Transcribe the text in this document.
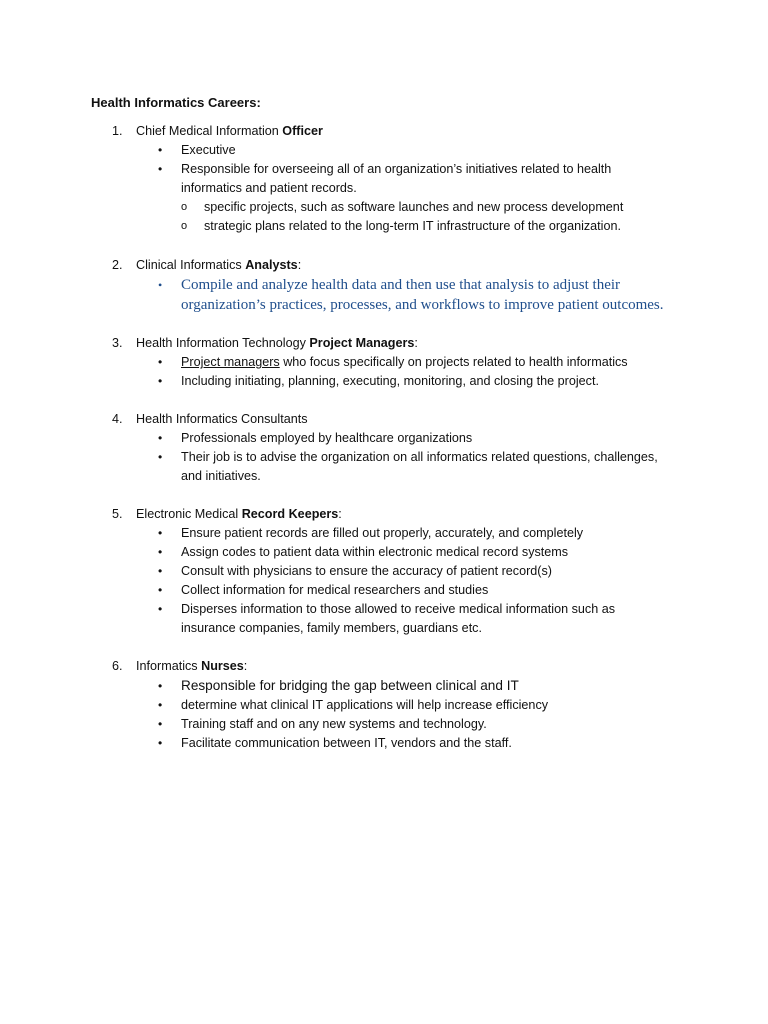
Health Informatics Careers:
1.	Chief Medical Information Officer
• Executive
• Responsible for overseeing all of an organization’s initiatives related to health informatics and patient records.
o specific projects, such as software launches and new process development
o strategic plans related to the long-term IT infrastructure of the organization.
2.	Clinical Informatics Analysts:
• Compile and analyze health data and then use that analysis to adjust their organization’s practices, processes, and workflows to improve patient outcomes.
3.	Health Information Technology Project Managers:
• Project managers who focus specifically on projects related to health informatics
• Including initiating, planning, executing, monitoring, and closing the project.
4.	Health Informatics Consultants
• Professionals employed by healthcare organizations
• Their job is to advise the organization on all informatics related questions, challenges, and initiatives.
5.	Electronic Medical Record Keepers:
• Ensure patient records are filled out properly, accurately, and completely
• Assign codes to patient data within electronic medical record systems
• Consult with physicians to ensure the accuracy of patient record(s)
• Collect information for medical researchers and studies
• Disperses information to those allowed to receive medical information such as insurance companies, family members, guardians etc.
6.	Informatics Nurses:
• Responsible for bridging the gap between clinical and IT
• determine what clinical IT applications will help increase efficiency
• Training staff and on any new systems and technology.
• Facilitate communication between IT, vendors and the staff.
